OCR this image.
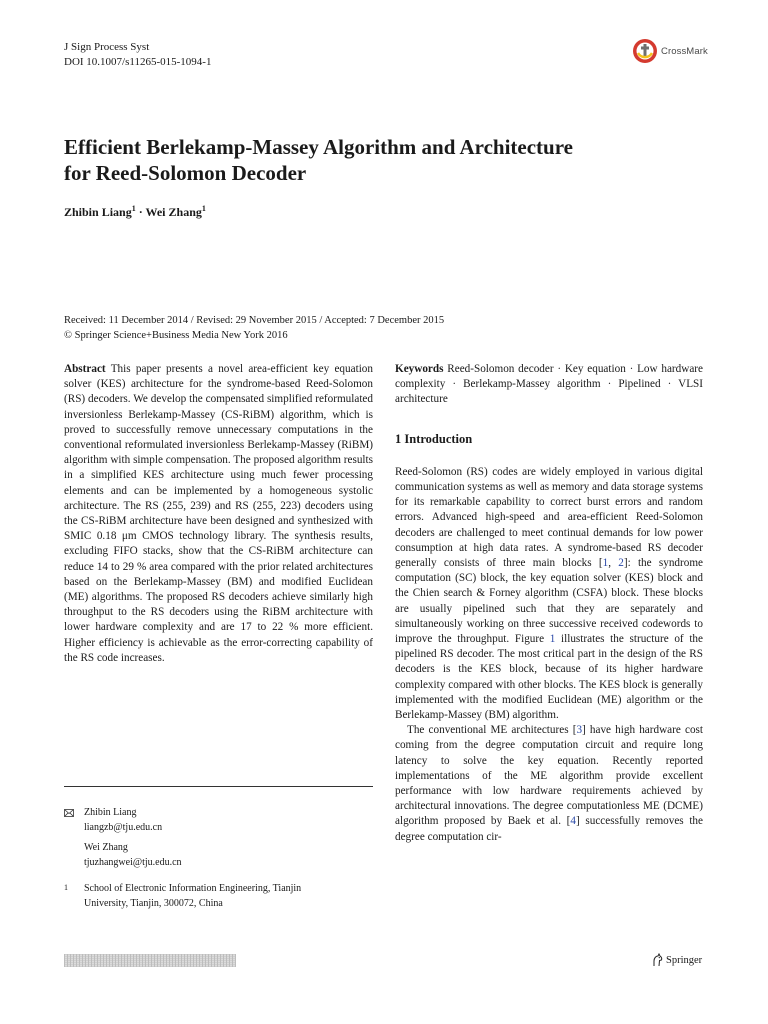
J Sign Process Syst
DOI 10.1007/s11265-015-1094-1
CrossMark
Efficient Berlekamp-Massey Algorithm and Architecture
for Reed-Solomon Decoder
Zhibin Liang$^1$ · Wei Zhang$^1$
Received: 11 December 2014 / Revised: 29 November 2015 / Accepted: 7 December 2015
© Springer Science+Business Media New York 2016

Abstract This paper presents a novel area-efficient key equation solver (KES) architecture for the syndrome-based Reed-Solomon (RS) decoders. We develop the compensated simplified reformulated inversionless Berlekamp-Massey (CS-RiBM) algorithm, which is proved to successfully remove unnecessary computations in the conventional reformulated inversionless Berlekamp-Massey (RiBM) algorithm with simple compensation. The proposed algorithm results in a simplified KES architecture using much fewer processing elements and can be implemented by a homogeneous systolic architecture. The RS (255, 239) and RS (255, 223) decoders using the CS-RiBM architecture have been designed and synthesized with SMIC 0.18 μm CMOS technology library. The synthesis results, excluding FIFO stacks, show that the CS-RiBM architecture can reduce 14 to 29 % area compared with the prior related architectures based on the Berlekamp-Massey (BM) and modified Euclidean (ME) algorithms. The proposed RS decoders achieve similarly high throughput to the RS decoders using the RiBM architecture with lower hardware complexity and are 17 to 22 % more efficient. Higher efficiency is achievable as the error-correcting capability of the RS code increases.

Keywords Reed-Solomon decoder · Key equation · Low hardware complexity · Berlekamp-Massey algorithm · Pipelined · VLSI architecture

1 Introduction

Reed-Solomon (RS) codes are widely employed in various digital communication systems as well as memory and data storage systems for its remarkable capability to correct burst errors and random errors. Advanced high-speed and area-efficient Reed-Solomon decoders are challenged to meet continual demands for low power consumption at high data rates. A syndrome-based RS decoder generally consists of three main blocks [1, 2]: the syndrome computation (SC) block, the key equation solver (KES) block and the Chien search & Forney algorithm (CSFA) block. These blocks are usually pipelined such that they are separately and simultaneously working on three successive received codewords to improve the throughput. Figure 1 illustrates the structure of the pipelined RS decoder. The most critical part in the design of the RS decoders is the KES block, because of its higher hardware complexity compared with other blocks. The KES block is generally implemented with the modified Euclidean (ME) algorithm or the Berlekamp-Massey (BM) algorithm.

The conventional ME architectures [3] have high hardware cost coming from the degree computation circuit and require long latency to solve the key equation. Recently reported implementations of the ME algorithm provide excellent performance with low hardware requirements achieved by architectural innovations. The degree computationless ME (DCME) algorithm proposed by Baek et al. [4] successfully removes the degree computation cir-

Zhibin Liang
liangzb@tju.edu.cn
Wei Zhang
tjuzhangwei@tju.edu.cn
1	School of Electronic Information Engineering, Tianjin
University, Tianjin, 300072, China
Springer
